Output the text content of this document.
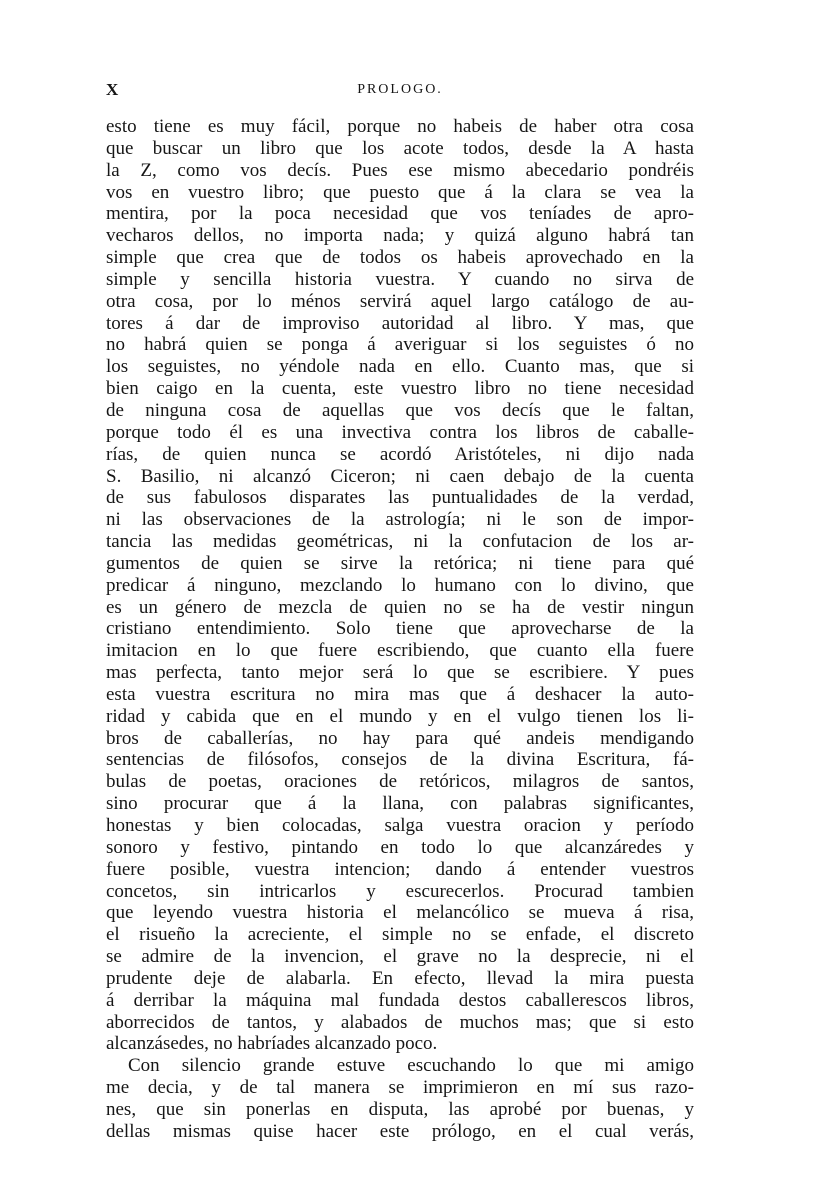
X	PROLOGO.
esto tiene es muy fácil, porque no habeis de haber otra cosa
que buscar un libro que los acote todos, desde la A hasta
la Z, como vos decís. Pues ese mismo abecedario pondréis
vos en vuestro libro; que puesto que á la clara se vea la
mentira, por la poca necesidad que vos teníades de apro-
vecharos dellos, no importa nada; y quizá alguno habrá tan
simple que crea que de todos os habeis aprovechado en la
simple y sencilla historia vuestra. Y cuando no sirva de
otra cosa, por lo ménos servirá aquel largo catálogo de au-
tores á dar de improviso autoridad al libro. Y mas, que
no habrá quien se ponga á averiguar si los seguistes ó no
los seguistes, no yéndole nada en ello. Cuanto mas, que si
bien caigo en la cuenta, este vuestro libro no tiene necesidad
de ninguna cosa de aquellas que vos decís que le faltan,
porque todo él es una invectiva contra los libros de caballe-
rías, de quien nunca se acordó Aristóteles, ni dijo nada
S. Basilio, ni alcanzó Ciceron; ni caen debajo de la cuenta
de sus fabulosos disparates las puntualidades de la verdad,
ni las observaciones de la astrología; ni le son de impor-
tancia las medidas geométricas, ni la confutacion de los ar-
gumentos de quien se sirve la retórica; ni tiene para qué
predicar á ninguno, mezclando lo humano con lo divino, que
es un género de mezcla de quien no se ha de vestir ningun
cristiano entendimiento. Solo tiene que aprovecharse de la
imitacion en lo que fuere escribiendo, que cuanto ella fuere
mas perfecta, tanto mejor será lo que se escribiere. Y pues
esta vuestra escritura no mira mas que á deshacer la auto-
ridad y cabida que en el mundo y en el vulgo tienen los li-
bros de caballerías, no hay para qué andeis mendigando
sentencias de filósofos, consejos de la divina Escritura, fá-
bulas de poetas, oraciones de retóricos, milagros de santos,
sino procurar que á la llana, con palabras significantes,
honestas y bien colocadas, salga vuestra oracion y período
sonoro y festivo, pintando en todo lo que alcanzáredes y
fuere posible, vuestra intencion; dando á entender vuestros
concetos, sin intricarlos y escurecerlos. Procurad tambien
que leyendo vuestra historia el melancólico se mueva á risa,
el risueño la acreciente, el simple no se enfade, el discreto
se admire de la invencion, el grave no la desprecie, ni el
prudente deje de alabarla. En efecto, llevad la mira puesta
á derribar la máquina mal fundada destos caballerescos libros,
aborrecidos de tantos, y alabados de muchos mas; que si esto
alcanzásedes, no habríades alcanzado poco.
Con silencio grande estuve escuchando lo que mi amigo
me decia, y de tal manera se imprimieron en mí sus razo-
nes, que sin ponerlas en disputa, las aprobé por buenas, y
dellas mismas quise hacer este prólogo, en el cual verás,
